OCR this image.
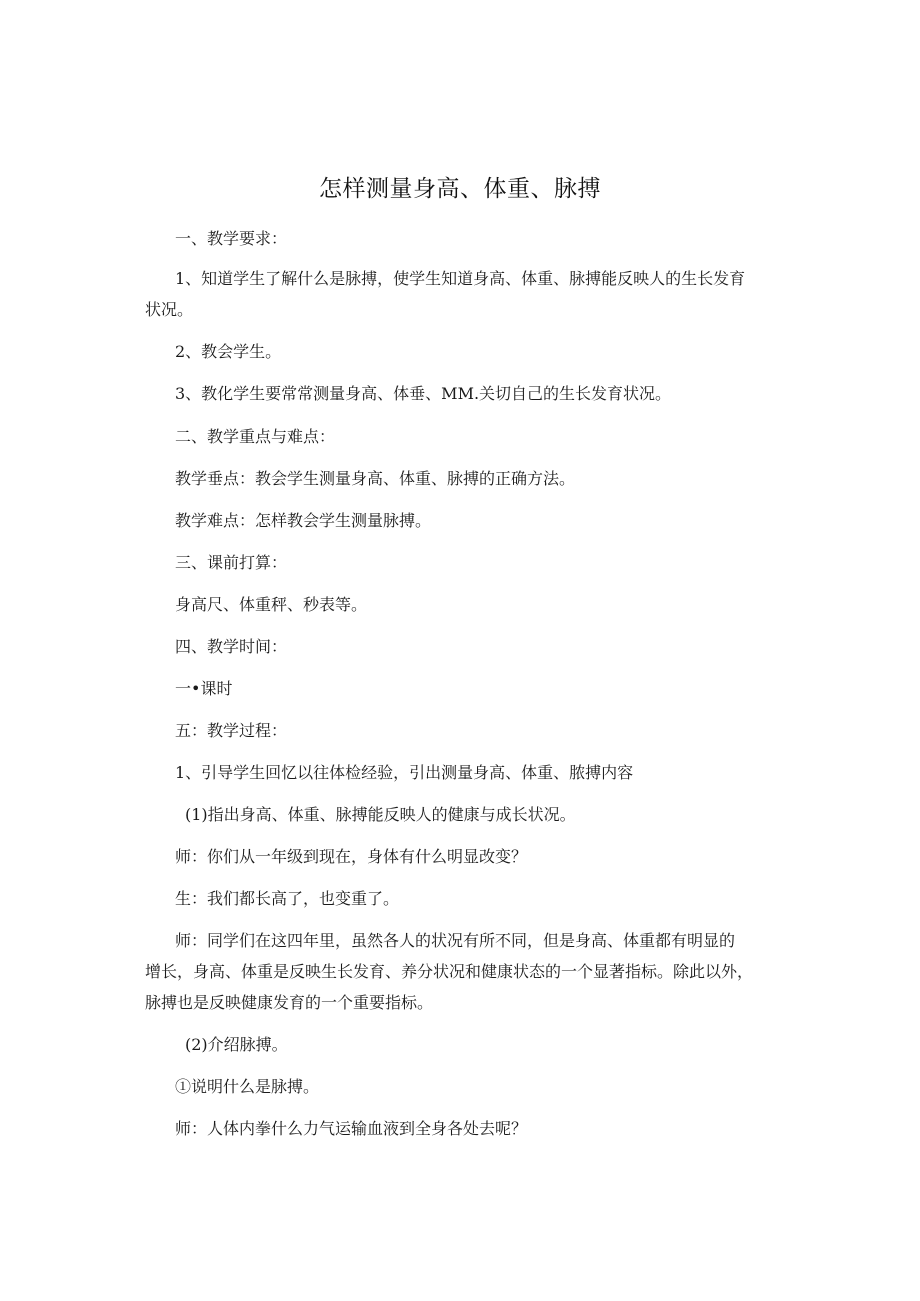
怎样测量身高、体重、脉搏
一、教学要求：
1、知道学生了解什么是脉搏，使学生知道身高、体重、脉搏能反映人的生长发育
状况。
2、教会学生。
3、教化学生要常常测量身高、体垂、MM.关切自己的生长发育状况。
二、教学重点与难点：
教学垂点：教会学生测量身高、体重、脉搏的正确方法。
教学难点：怎样教会学生测量脉搏。
三、课前打算：
身高尺、体重秤、秒表等。
四、教学时间：
一•课时
五：教学过程：
1、引导学生回忆以往体检经验，引出测量身高、体重、脓搏内容
(1)指出身高、体重、脉搏能反映人的健康与成长状况。
师：你们从一年级到现在，身体有什么明显改变？
生：我们都长高了，也变重了。
师：同学们在这四年里，虽然各人的状况有所不同，但是身高、体重都有明显的
增长，身高、体重是反映生长发育、养分状况和健康状态的一个显著指标。除此以外，
脉搏也是反映健康发育的一个重要指标。
(2)介绍脉搏。
①说明什么是脉搏。
师：人体内拳什么力气运输血液到全身各处去呢？
